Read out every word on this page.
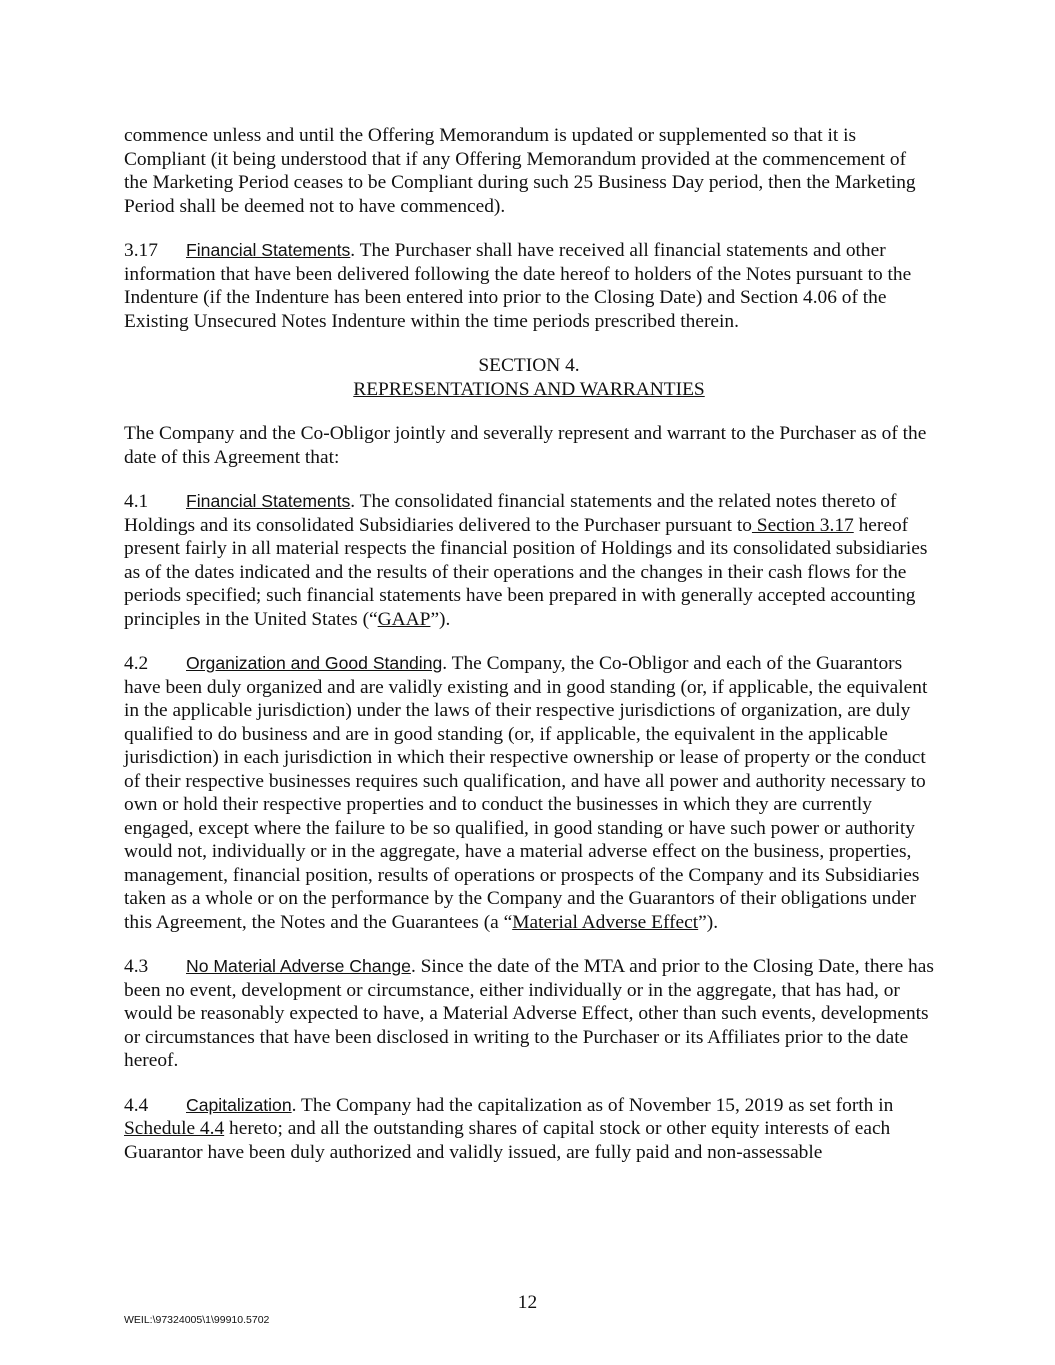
commence unless and until the Offering Memorandum is updated or supplemented so that it is Compliant (it being understood that if any Offering Memorandum provided at the commencement of the Marketing Period ceases to be Compliant during such 25 Business Day period, then the Marketing Period shall be deemed not to have commenced).

3.17 Financial Statements. The Purchaser shall have received all financial statements and other information that have been delivered following the date hereof to holders of the Notes pursuant to the Indenture (if the Indenture has been entered into prior to the Closing Date) and Section 4.06 of the Existing Unsecured Notes Indenture within the time periods prescribed therein.

SECTION 4.
REPRESENTATIONS AND WARRANTIES

The Company and the Co-Obligor jointly and severally represent and warrant to the Purchaser as of the date of this Agreement that:

4.1 Financial Statements. The consolidated financial statements and the related notes thereto of Holdings and its consolidated Subsidiaries delivered to the Purchaser pursuant to Section 3.17 hereof present fairly in all material respects the financial position of Holdings and its consolidated subsidiaries as of the dates indicated and the results of their operations and the changes in their cash flows for the periods specified; such financial statements have been prepared in with generally accepted accounting principles in the United States (“GAAP”).

4.2 Organization and Good Standing. The Company, the Co-Obligor and each of the Guarantors have been duly organized and are validly existing and in good standing (or, if applicable, the equivalent in the applicable jurisdiction) under the laws of their respective jurisdictions of organization, are duly qualified to do business and are in good standing (or, if applicable, the equivalent in the applicable jurisdiction) in each jurisdiction in which their respective ownership or lease of property or the conduct of their respective businesses requires such qualification, and have all power and authority necessary to own or hold their respective properties and to conduct the businesses in which they are currently engaged, except where the failure to be so qualified, in good standing or have such power or authority would not, individually or in the aggregate, have a material adverse effect on the business, properties, management, financial position, results of operations or prospects of the Company and its Subsidiaries taken as a whole or on the performance by the Company and the Guarantors of their obligations under this Agreement, the Notes and the Guarantees (a “Material Adverse Effect”).

4.3 No Material Adverse Change. Since the date of the MTA and prior to the Closing Date, there has been no event, development or circumstance, either individually or in the aggregate, that has had, or would be reasonably expected to have, a Material Adverse Effect, other than such events, developments or circumstances that have been disclosed in writing to the Purchaser or its Affiliates prior to the date hereof.

4.4 Capitalization. The Company had the capitalization as of November 15, 2019 as set forth in Schedule 4.4 hereto; and all the outstanding shares of capital stock or other equity interests of each Guarantor have been duly authorized and validly issued, are fully paid and non-assessable

12
WEIL:\97324005\1\99910.5702
